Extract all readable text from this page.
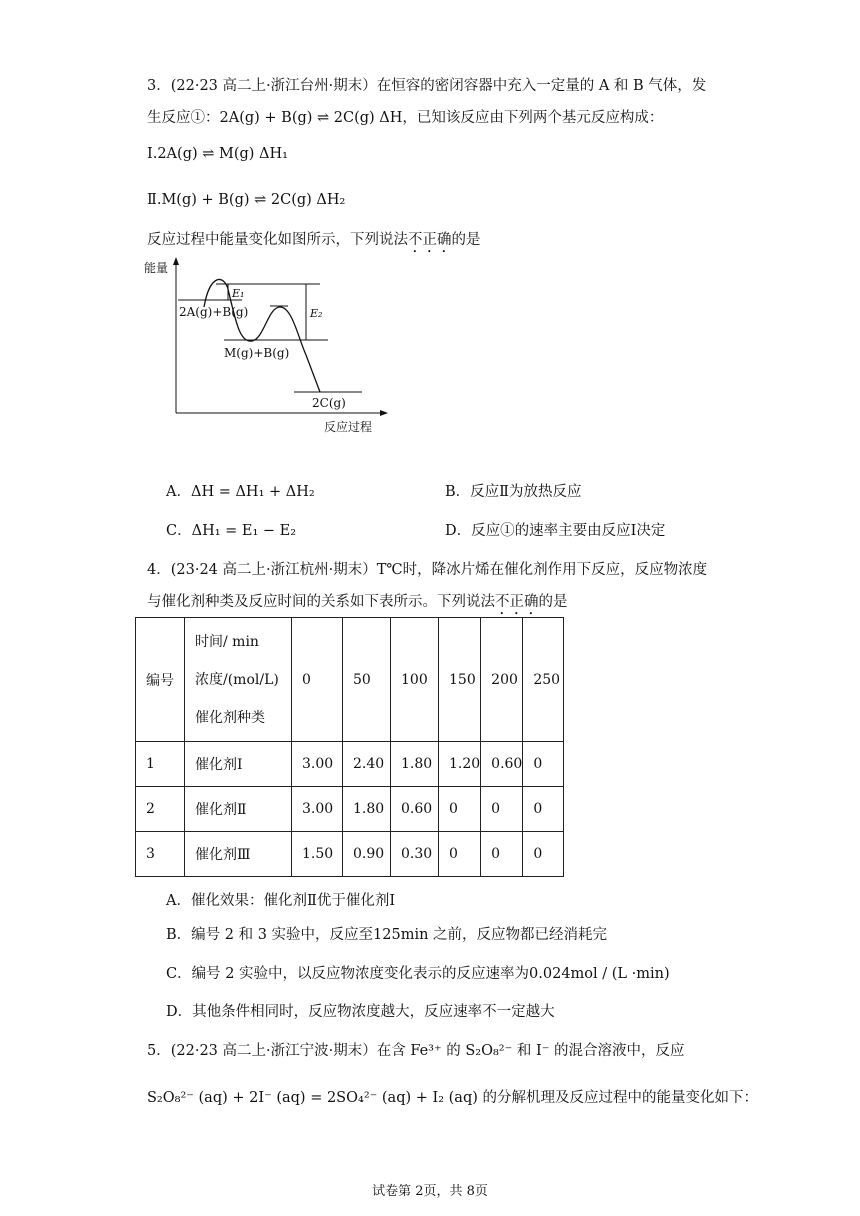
3．(22·23 高二上·浙江台州·期末）在恒容的密闭容器中充入一定量的 A 和 B 气体，发
生反应①：2A(g) + B(g) ⇌ 2C(g) ΔH，已知该反应由下列两个基元反应构成：
Ⅰ.2A(g) ⇌ M(g) ΔH₁
Ⅱ.M(g) + B(g) ⇌ 2C(g) ΔH₂
反应过程中能量变化如图所示，下列说法不正确的是
能量
反应过程
2A(g)+B(g)
M(g)+B(g)
2C(g)
E₁
E₂
A．ΔH = ΔH₁ + ΔH₂	B．反应Ⅱ为放热反应
C．ΔH₁ = E₁ − E₂	D．反应①的速率主要由反应Ⅰ决定
4．(23·24 高二上·浙江杭州·期末）T℃时，降冰片烯在催化剂作用下反应，反应物浓度
与催化剂种类及反应时间的关系如下表所示。下列说法不正确的是
编号	时间/ min
浓度/(mol/L)
催化剂种类	0	50	100	150	200	250
1	催化剂Ⅰ	3.00	2.40	1.80	1.20	0.60	0
2	催化剂Ⅱ	3.00	1.80	0.60	0	0	0
3	催化剂Ⅲ	1.50	0.90	0.30	0	0	0
A．催化效果：催化剂Ⅱ优于催化剂Ⅰ
B．编号 2 和 3 实验中，反应至125min 之前，反应物都已经消耗完
C．编号 2 实验中，以反应物浓度变化表示的反应速率为0.024mol / (L ·min)
D．其他条件相同时，反应物浓度越大，反应速率不一定越大
5．(22·23 高二上·浙江宁波·期末）在含 Fe³⁺ 的 S₂O₈²⁻ 和 I⁻ 的混合溶液中，反应
S₂O₈²⁻ (aq) + 2I⁻ (aq) = 2SO₄²⁻ (aq) + I₂ (aq) 的分解机理及反应过程中的能量变化如下：
试卷第 2页，共 8页
